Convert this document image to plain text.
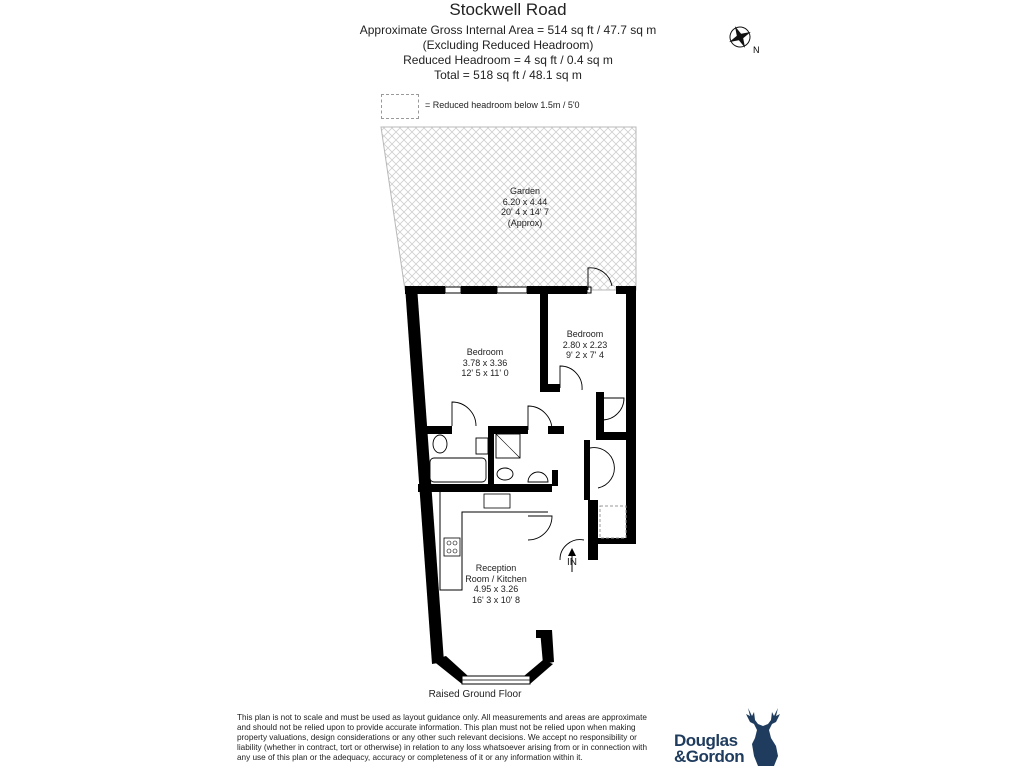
Stockwell Road
Approximate Gross Internal Area = 514 sq ft / 47.7 sq m
(Excluding Reduced Headroom)
Reduced Headroom = 4 sq ft / 0.4 sq m
Total = 518 sq ft / 48.1 sq m
N
= Reduced headroom below 1.5m / 5'0
Garden
6.20 x 4.44
20' 4 x 14' 7
(Approx)
Bedroom
3.78 x 3.36
12' 5 x 11' 0
Bedroom
2.80 x 2.23
9' 2 x 7' 4
Reception
Room / Kitchen
4.95 x 3.26
16' 3 x 10' 8
IN
Raised Ground Floor
This plan is not to scale and must be used as layout guidance only. All measurements and areas are approximate
and should not be relied upon to provide accurate information. This plan must not be relied upon when making
property valuations, design considerations or any other such relevant decisions. We accept no responsibility or
liability (whether in contract, tort or otherwise) in relation to any loss whatsoever arising from or in connection with
any use of this plan or the adequacy, accuracy or completeness of it or any information within it.
Douglas
&Gordon
